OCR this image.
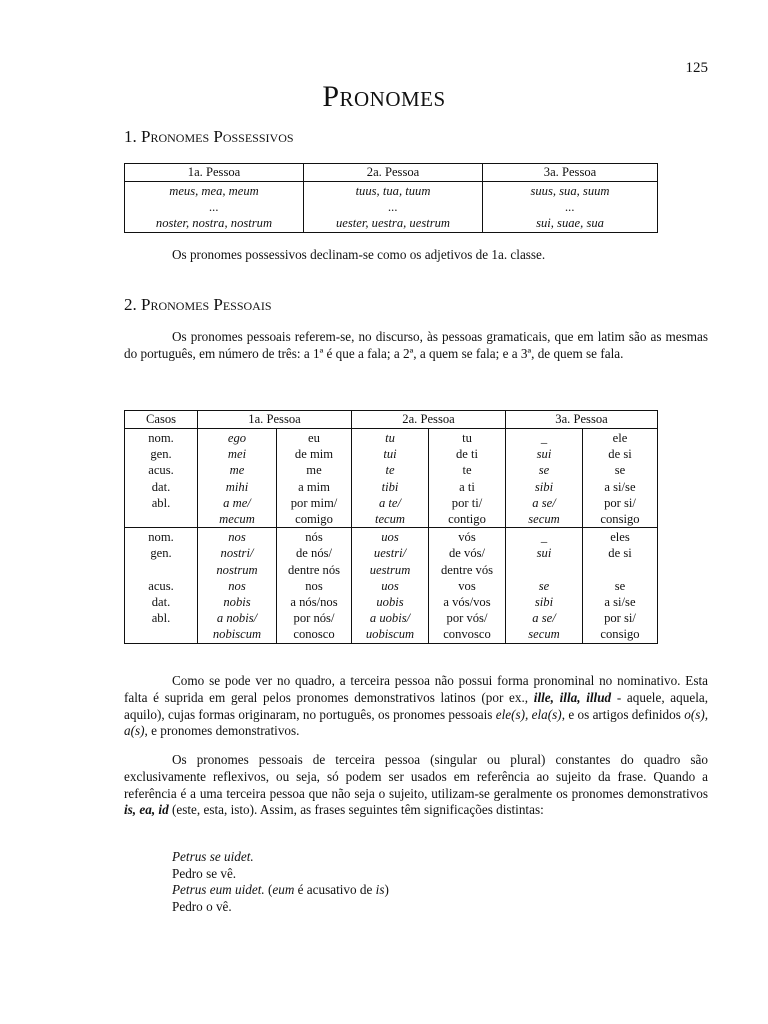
125
Pronomes
1. Pronomes Possessivos
1a. Pessoa	2a. Pessoa	3a. Pessoa
meus, mea, meum	tuus, tua, tuum	suus, sua, suum
...	...	...
noster, nostra, nostrum	uester, uestra, uestrum	sui, suae, sua
Os pronomes possessivos declinam-se como os adjetivos de 1a. classe.
2. Pronomes Pessoais
Os pronomes pessoais referem-se, no discurso, às pessoas gramaticais, que em latim são as mesmas do português, em número de três: a 1ª é que a fala; a 2ª, a quem se fala; e a 3ª, de quem se fala.
Casos	1a. Pessoa		2a. Pessoa		3a. Pessoa	
nom.	ego	eu	tu	tu	_	ele
gen.	mei	de mim	tui	de ti	sui	de si
acus.	me	me	te	te	se	se
dat.	mihi	a mim	tibi	a ti	sibi	a si/se
abl.	a me/	por mim/	a te/	por ti/	a se/	por si/
	mecum	comigo	tecum	contigo	secum	consigo
nom.	nos	nós	uos	vós	_	eles
gen.	nostri/	de nós/	uestri/	de vós/	sui	de si
	nostrum	dentre nós	uestrum	dentre vós		
acus.	nos	nos	uos	vos	se	se
dat.	nobis	a nós/nos	uobis	a vós/vos	sibi	a si/se
abl.	a nobis/	por nós/	a uobis/	por vós/	a se/	por si/
	nobiscum	conosco	uobiscum	convosco	secum	consigo
Como se pode ver no quadro, a terceira pessoa não possui forma pronominal no nominativo. Esta falta é suprida em geral pelos pronomes demonstrativos latinos (por ex., ille, illa, illud - aquele, aquela, aquilo), cujas formas originaram, no português, os pronomes pessoais ele(s), ela(s), e os artigos definidos o(s), a(s), e pronomes demonstrativos.
Os pronomes pessoais de terceira pessoa (singular ou plural) constantes do quadro são exclusivamente reflexivos, ou seja, só podem ser usados em referência ao sujeito da frase. Quando a referência é a uma terceira pessoa que não seja o sujeito, utilizam-se geralmente os pronomes demonstrativos is, ea, id (este, esta, isto). Assim, as frases seguintes têm significações distintas:
Petrus se uidet.
Pedro se vê.
Petrus eum uidet. (eum é acusativo de is)
Pedro o vê.
